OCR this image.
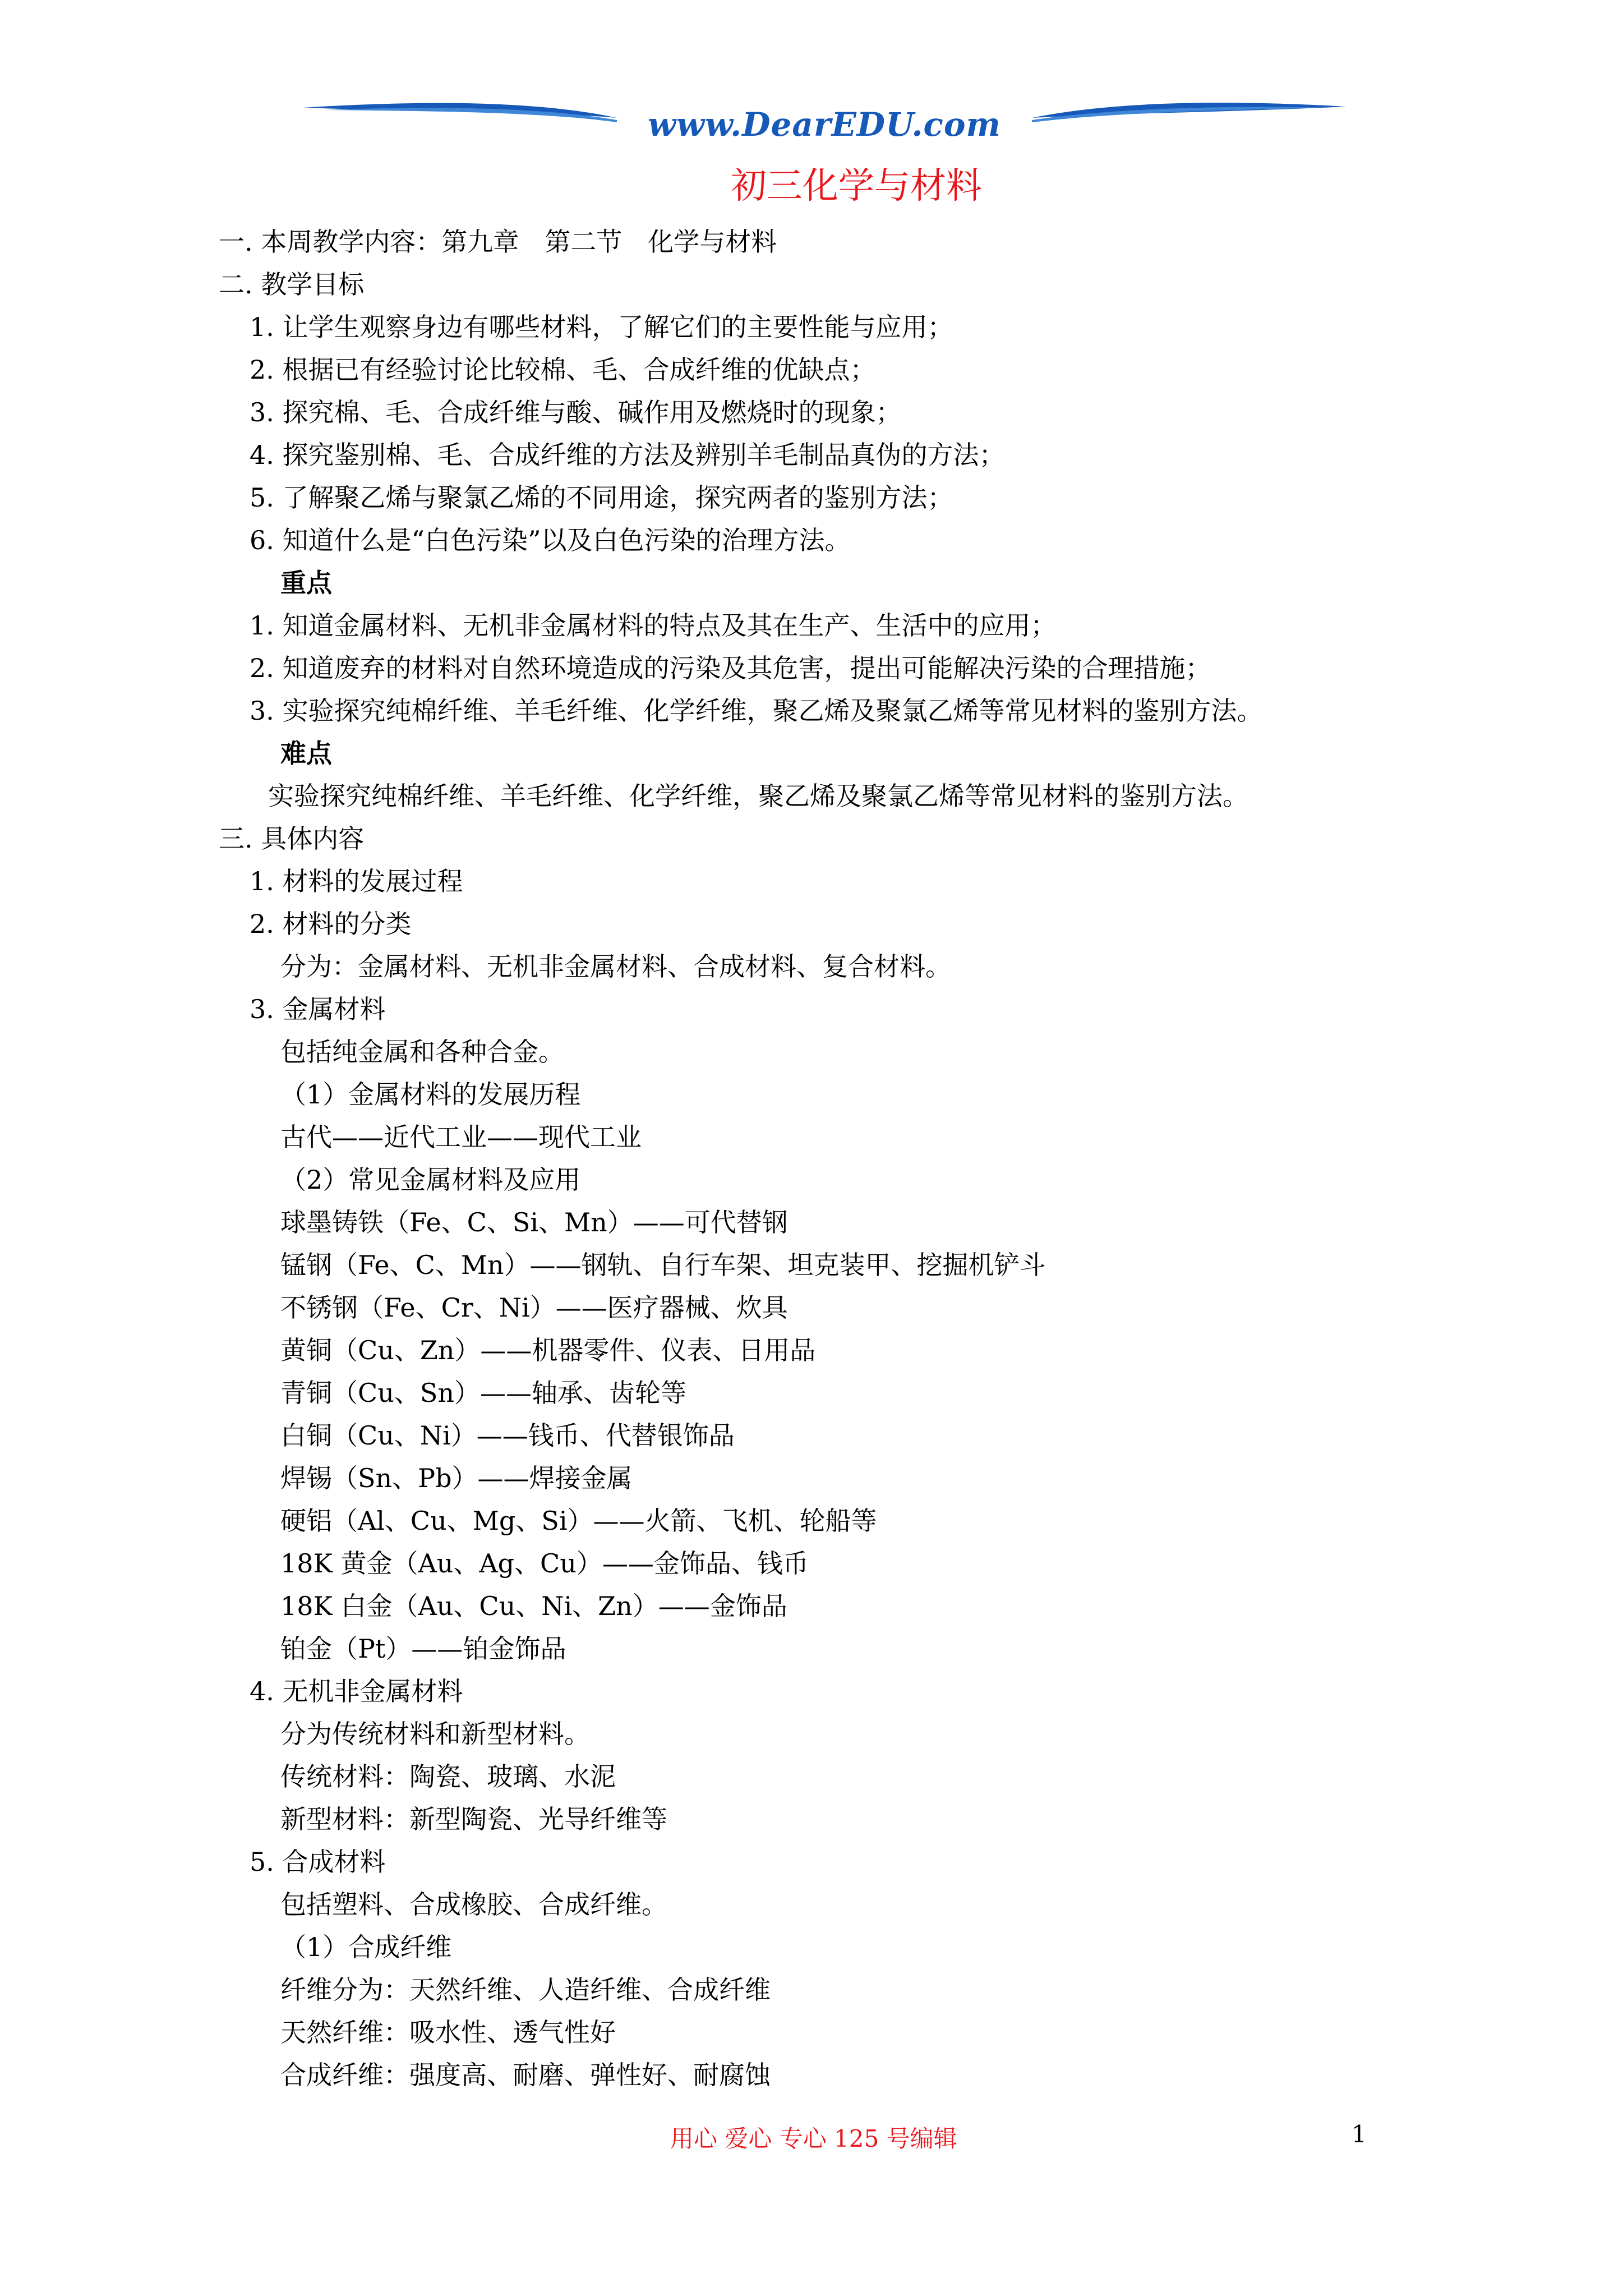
www.DearEDU.com
初三化学与材料
一. 本周教学内容：第九章　第二节　化学与材料
二. 教学目标
1. 让学生观察身边有哪些材料，了解它们的主要性能与应用；
2. 根据已有经验讨论比较棉、毛、合成纤维的优缺点；
3. 探究棉、毛、合成纤维与酸、碱作用及燃烧时的现象；
4. 探究鉴别棉、毛、合成纤维的方法及辨别羊毛制品真伪的方法；
5. 了解聚乙烯与聚氯乙烯的不同用途，探究两者的鉴别方法；
6. 知道什么是“白色污染”以及白色污染的治理方法。
重点
1. 知道金属材料、无机非金属材料的特点及其在生产、生活中的应用；
2. 知道废弃的材料对自然环境造成的污染及其危害，提出可能解决污染的合理措施；
3. 实验探究纯棉纤维、羊毛纤维、化学纤维，聚乙烯及聚氯乙烯等常见材料的鉴别方法。
难点
实验探究纯棉纤维、羊毛纤维、化学纤维，聚乙烯及聚氯乙烯等常见材料的鉴别方法。
三. 具体内容
1. 材料的发展过程
2. 材料的分类
分为：金属材料、无机非金属材料、合成材料、复合材料。
3. 金属材料
包括纯金属和各种合金。
（1）金属材料的发展历程
古代——近代工业——现代工业
（2）常见金属材料及应用
球墨铸铁（Fe、C、Si、Mn）——可代替钢
锰钢（Fe、C、Mn）——钢轨、自行车架、坦克装甲、挖掘机铲斗
不锈钢（Fe、Cr、Ni）——医疗器械、炊具
黄铜（Cu、Zn）——机器零件、仪表、日用品
青铜（Cu、Sn）——轴承、齿轮等
白铜（Cu、Ni）——钱币、代替银饰品
焊锡（Sn、Pb）——焊接金属
硬铝（Al、Cu、Mg、Si）——火箭、飞机、轮船等
18K 黄金（Au、Ag、Cu）——金饰品、钱币
18K 白金（Au、Cu、Ni、Zn）——金饰品
铂金（Pt）——铂金饰品
4. 无机非金属材料
分为传统材料和新型材料。
传统材料：陶瓷、玻璃、水泥
新型材料：新型陶瓷、光导纤维等
5. 合成材料
包括塑料、合成橡胶、合成纤维。
（1）合成纤维
纤维分为：天然纤维、人造纤维、合成纤维
天然纤维：吸水性、透气性好
合成纤维：强度高、耐磨、弹性好、耐腐蚀
用心 爱心 专心 125 号编辑	1
